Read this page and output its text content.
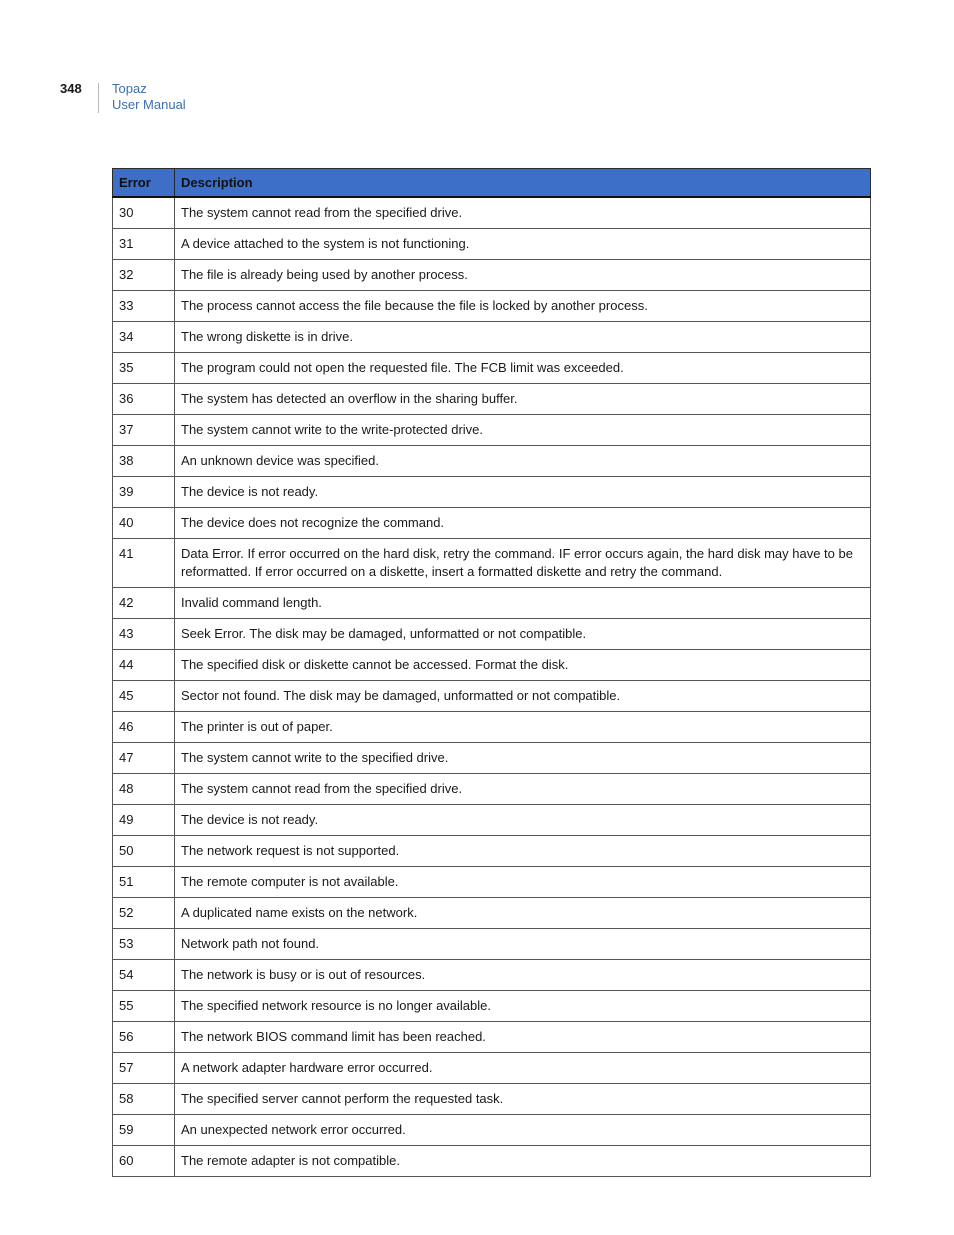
348 Topaz
User Manual
Error	Description
30	The system cannot read from the specified drive.
31	A device attached to the system is not functioning.
32	The file is already being used by another process.
33	The process cannot access the file because the file is locked by another process.
34	The wrong diskette is in drive.
35	The program could not open the requested file. The FCB limit was exceeded.
36	The system has detected an overflow in the sharing buffer.
37	The system cannot write to the write-protected drive.
38	An unknown device was specified.
39	The device is not ready.
40	The device does not recognize the command.
41	Data Error. If error occurred on the hard disk, retry the command. IF error occurs again, the hard disk may have to be reformatted. If error occurred on a diskette, insert a formatted diskette and retry the command.
42	Invalid command length.
43	Seek Error. The disk may be damaged, unformatted or not compatible.
44	The specified disk or diskette cannot be accessed. Format the disk.
45	Sector not found. The disk may be damaged, unformatted or not compatible.
46	The printer is out of paper.
47	The system cannot write to the specified drive.
48	The system cannot read from the specified drive.
49	The device is not ready.
50	The network request is not supported.
51	The remote computer is not available.
52	A duplicated name exists on the network.
53	Network path not found.
54	The network is busy or is out of resources.
55	The specified network resource is no longer available.
56	The network BIOS command limit has been reached.
57	A network adapter hardware error occurred.
58	The specified server cannot perform the requested task.
59	An unexpected network error occurred.
60	The remote adapter is not compatible.
